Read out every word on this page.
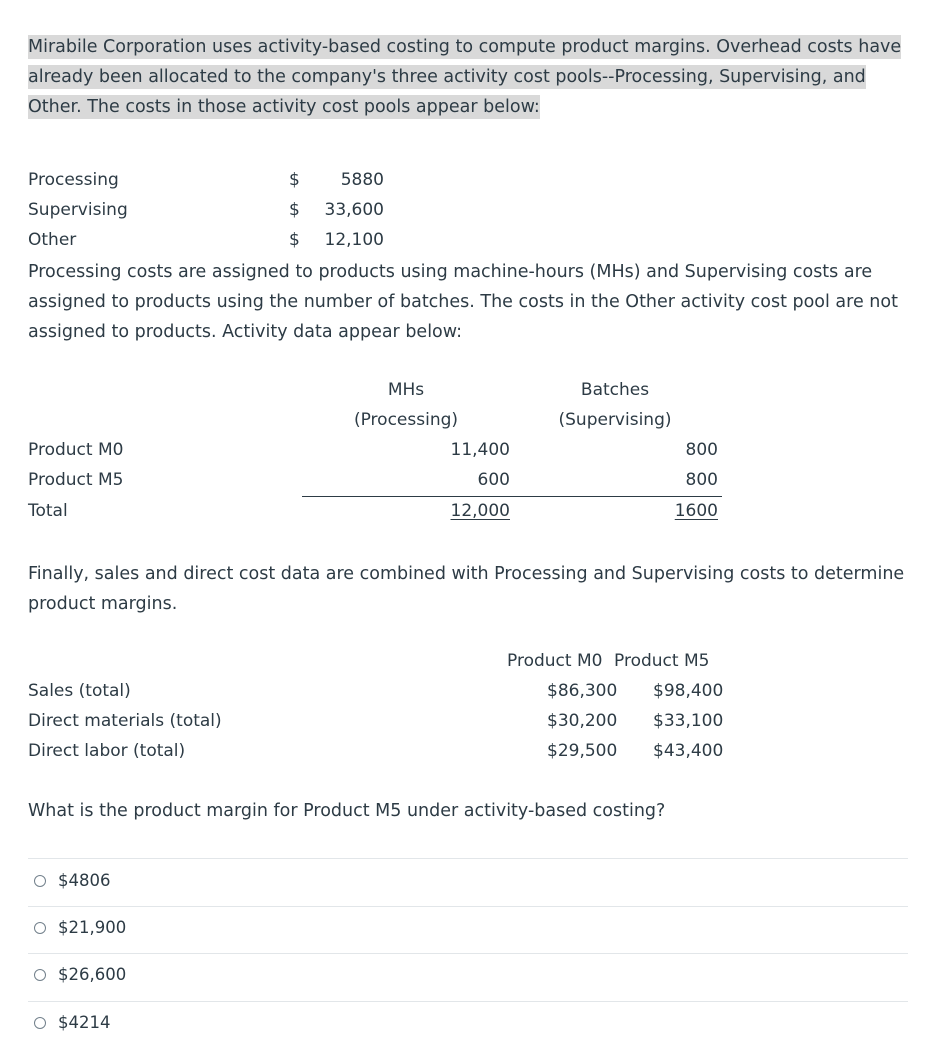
Mirabile Corporation uses activity-based costing to compute product margins. Overhead costs have already been allocated to the company's three activity cost pools--Processing, Supervising, and Other. The costs in those activity cost pools appear below:
Processing	$	5880
Supervising	$	33,600
Other	$	12,100
Processing costs are assigned to products using machine-hours (MHs) and Supervising costs are assigned to products using the number of batches. The costs in the Other activity cost pool are not assigned to products. Activity data appear below:
MHs
(Processing)
Batches
(Supervising)
Product M0	11,400	800
Product M5	600	800
Total	12,000	1600
Finally, sales and direct cost data are combined with Processing and Supervising costs to determine product margins.
Product M0 Product M5
Sales (total)	$86,300 $98,400
Direct materials (total)	$30,200 $33,100
Direct labor (total)	$29,500 $43,400
What is the product margin for Product M5 under activity-based costing?
$4806
$21,900
$26,600
$4214
